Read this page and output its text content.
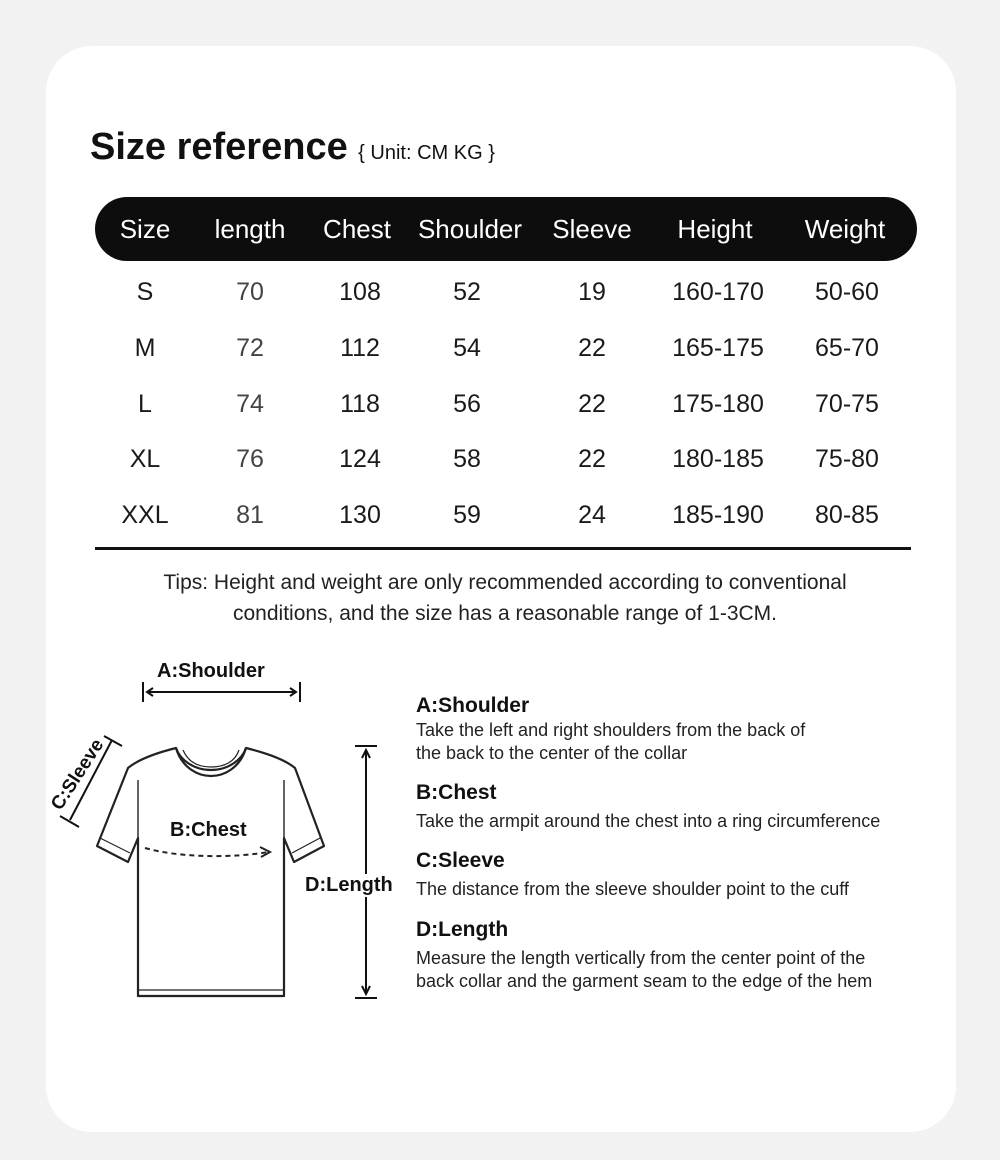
Size reference { Unit: CM KG }
Size length Chest Shoulder Sleeve Height Weight
S	70	108	52	19	160-170 50-60
M	72	112	54	22	165-175 65-70
L	74	118	56	22	175-180 70-75
XL	76	124	58	22	180-185 75-80
XXL	81	130	59	24	185-190 80-85
Tips: Height and weight are only recommended according to conventional
conditions, and the size has a reasonable range of 1-3CM.
A:Shoulder
C:Sleeve
B:Chest
D:Length
A:Shoulder
Take the left and right shoulders from the back of
the back to the center of the collar
B:Chest
Take the armpit around the chest into a ring circumference
C:Sleeve
The distance from the sleeve shoulder point to the cuff
D:Length
Measure the length vertically from the center point of the
back collar and the garment seam to the edge of the hem
